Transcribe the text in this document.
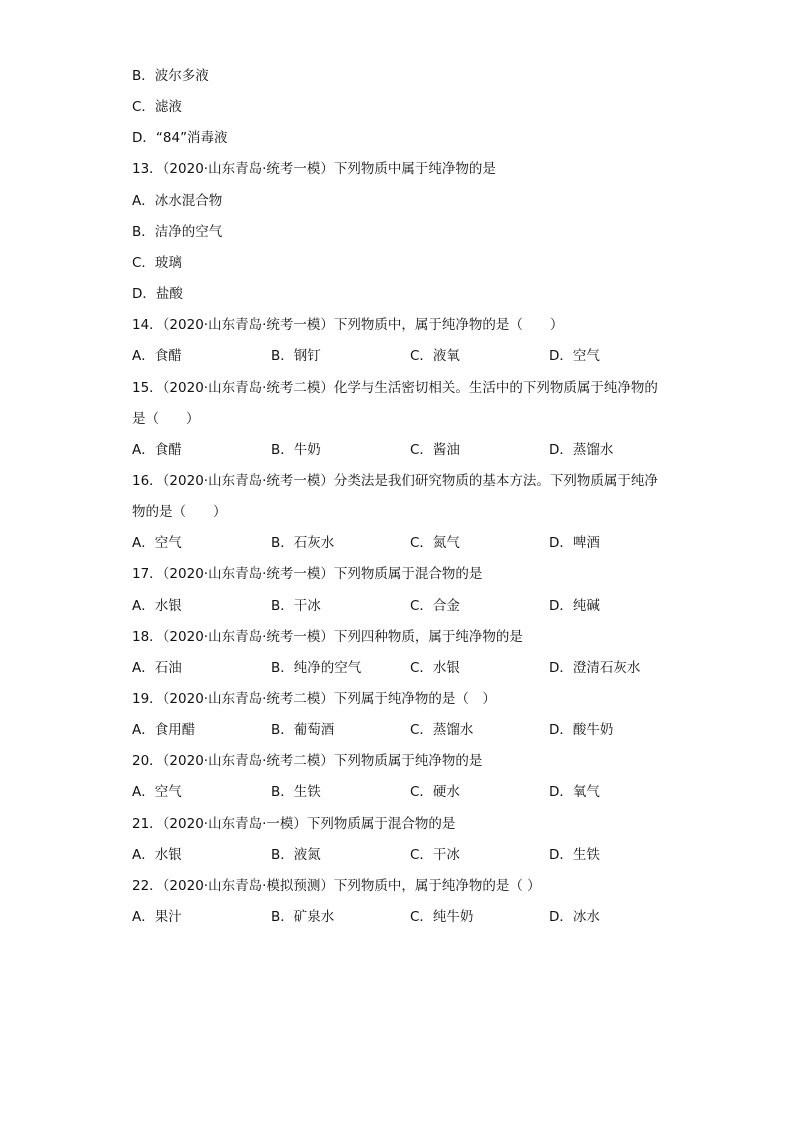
B．波尔多液
C．滤液
D．“84”消毒液
13．（2020·山东青岛·统考一模）下列物质中属于纯净物的是
A．冰水混合物
B．洁净的空气
C．玻璃
D．盐酸
14．（2020·山东青岛·统考一模）下列物质中，属于纯净物的是（　　）
A．食醋	B．钢钉	C．液氧	D．空气
15．（2020·山东青岛·统考二模）化学与生活密切相关。生活中的下列物质属于纯净物的
是（　　）
A．食醋	B．牛奶	C．酱油	D．蒸馏水
16．（2020·山东青岛·统考一模）分类法是我们研究物质的基本方法。下列物质属于纯净
物的是（　　）
A．空气	B．石灰水	C．氮气	D．啤酒
17．（2020·山东青岛·统考一模）下列物质属于混合物的是
A．水银	B．干冰	C．合金	D．纯碱
18．（2020·山东青岛·统考一模）下列四种物质，属于纯净物的是
A．石油	B．纯净的空气	C．水银	D．澄清石灰水
19．（2020·山东青岛·统考二模）下列属于纯净物的是（　）
A．食用醋	B．葡萄酒	C．蒸馏水	D．酸牛奶
20．（2020·山东青岛·统考二模）下列物质属于纯净物的是
A．空气	B．生铁	C．硬水	D．氧气
21．（2020·山东青岛·一模）下列物质属于混合物的是
A．水银	B．液氮	C．干冰	D．生铁
22．（2020·山东青岛·模拟预测）下列物质中，属于纯净物的是（ ）
A．果汁	B．矿泉水	C．纯牛奶	D．冰水
